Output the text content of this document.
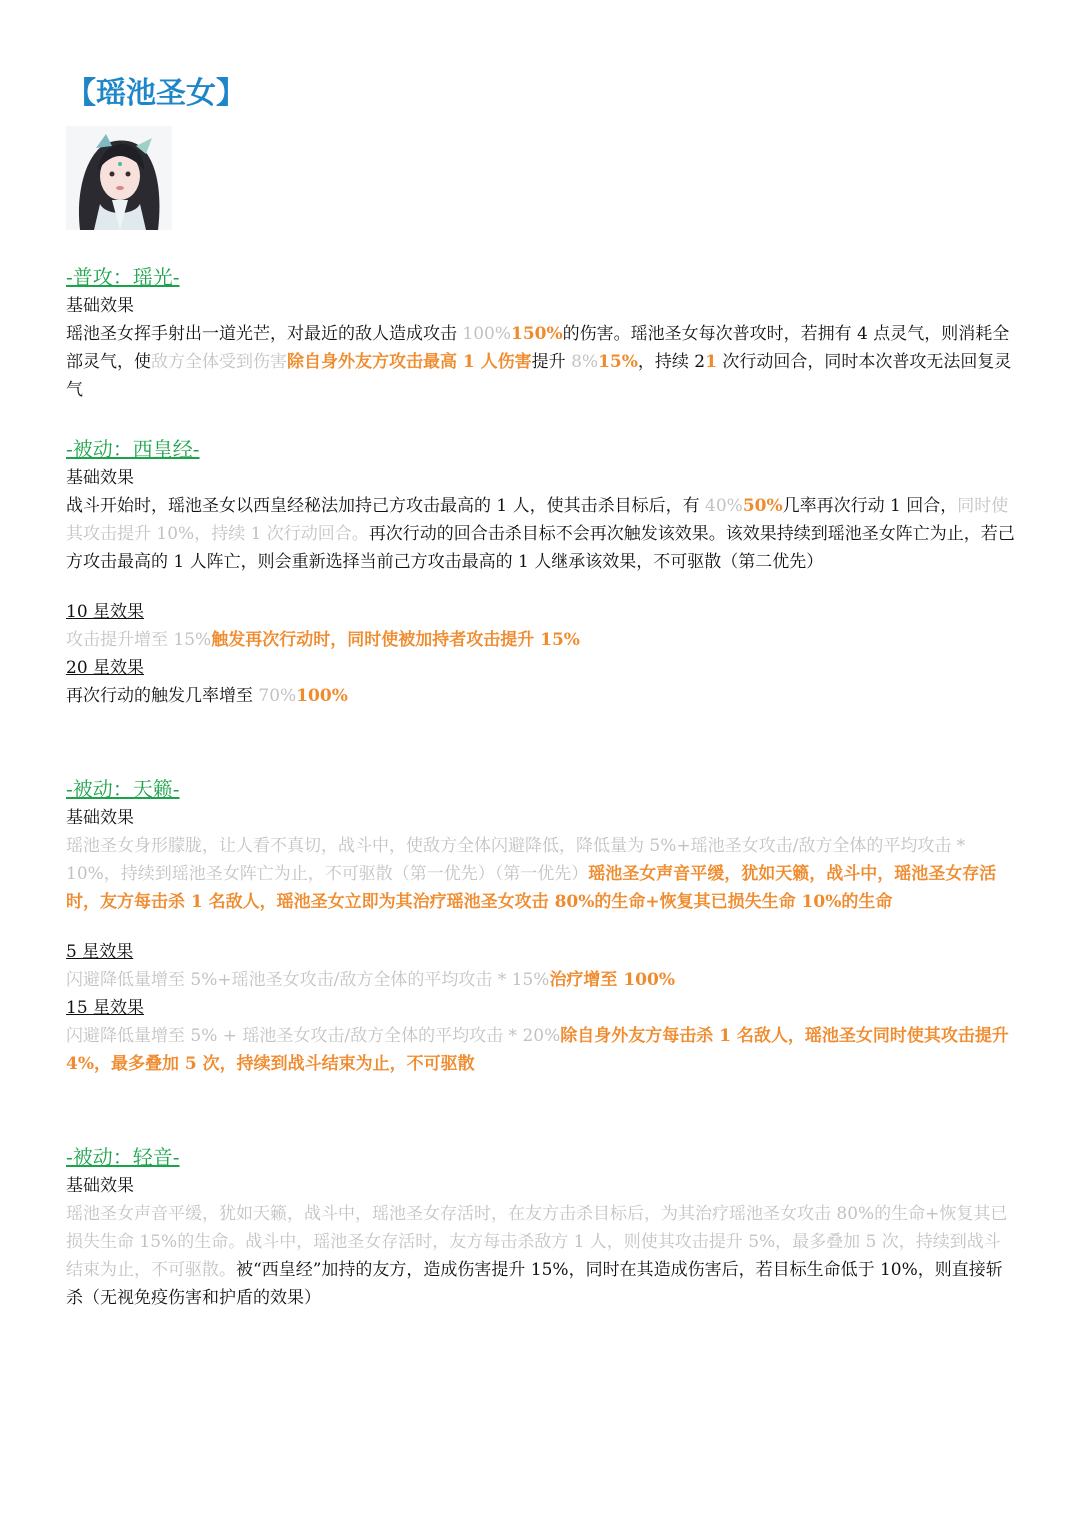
【瑶池圣女】
-普攻：瑶光-
基础效果
瑶池圣女挥手射出一道光芒，对最近的敌人造成攻击 100%150%的伤害。瑶池圣女每次普攻时，若拥有 4 点灵气，则消耗全部灵气，使敌方全体受到伤害除自身外友方攻击最高 1 人伤害提升 8%15%，持续 21 次行动回合，同时本次普攻无法回复灵气
-被动：西皇经-
基础效果
战斗开始时，瑶池圣女以西皇经秘法加持己方攻击最高的 1 人，使其击杀目标后，有 40%50%几率再次行动 1 回合，同时使其攻击提升 10%，持续 1 次行动回合。再次行动的回合击杀目标不会再次触发该效果。该效果持续到瑶池圣女阵亡为止，若己方攻击最高的 1 人阵亡，则会重新选择当前己方攻击最高的 1 人继承该效果，不可驱散（第二优先）
10 星效果
攻击提升增至 15%触发再次行动时，同时使被加持者攻击提升 15%
20 星效果
再次行动的触发几率增至 70%100%
-被动：天籁-
基础效果
瑶池圣女身形朦胧，让人看不真切，战斗中，使敌方全体闪避降低，降低量为 5%+瑶池圣女攻击/敌方全体的平均攻击 * 10%，持续到瑶池圣女阵亡为止，不可驱散（第一优先）（第一优先）瑶池圣女声音平缓，犹如天籁，战斗中，瑶池圣女存活时，友方每击杀 1 名敌人，瑶池圣女立即为其治疗瑶池圣女攻击 80%的生命+恢复其已损失生命 10%的生命
5 星效果
闪避降低量增至 5%+瑶池圣女攻击/敌方全体的平均攻击 * 15%治疗增至 100%
15 星效果
闪避降低量增至 5% + 瑶池圣女攻击/敌方全体的平均攻击 * 20%除自身外友方每击杀 1 名敌人，瑶池圣女同时使其攻击提升 4%，最多叠加 5 次，持续到战斗结束为止，不可驱散
-被动：轻音-
基础效果
瑶池圣女声音平缓，犹如天籁，战斗中，瑶池圣女存活时，在友方击杀目标后，为其治疗瑶池圣女攻击 80%的生命+恢复其已损失生命 15%的生命。战斗中，瑶池圣女存活时，友方每击杀敌方 1 人，则使其攻击提升 5%，最多叠加 5 次，持续到战斗结束为止，不可驱散。被“西皇经”加持的友方，造成伤害提升 15%，同时在其造成伤害后，若目标生命低于 10%，则直接斩杀（无视免疫伤害和护盾的效果）
